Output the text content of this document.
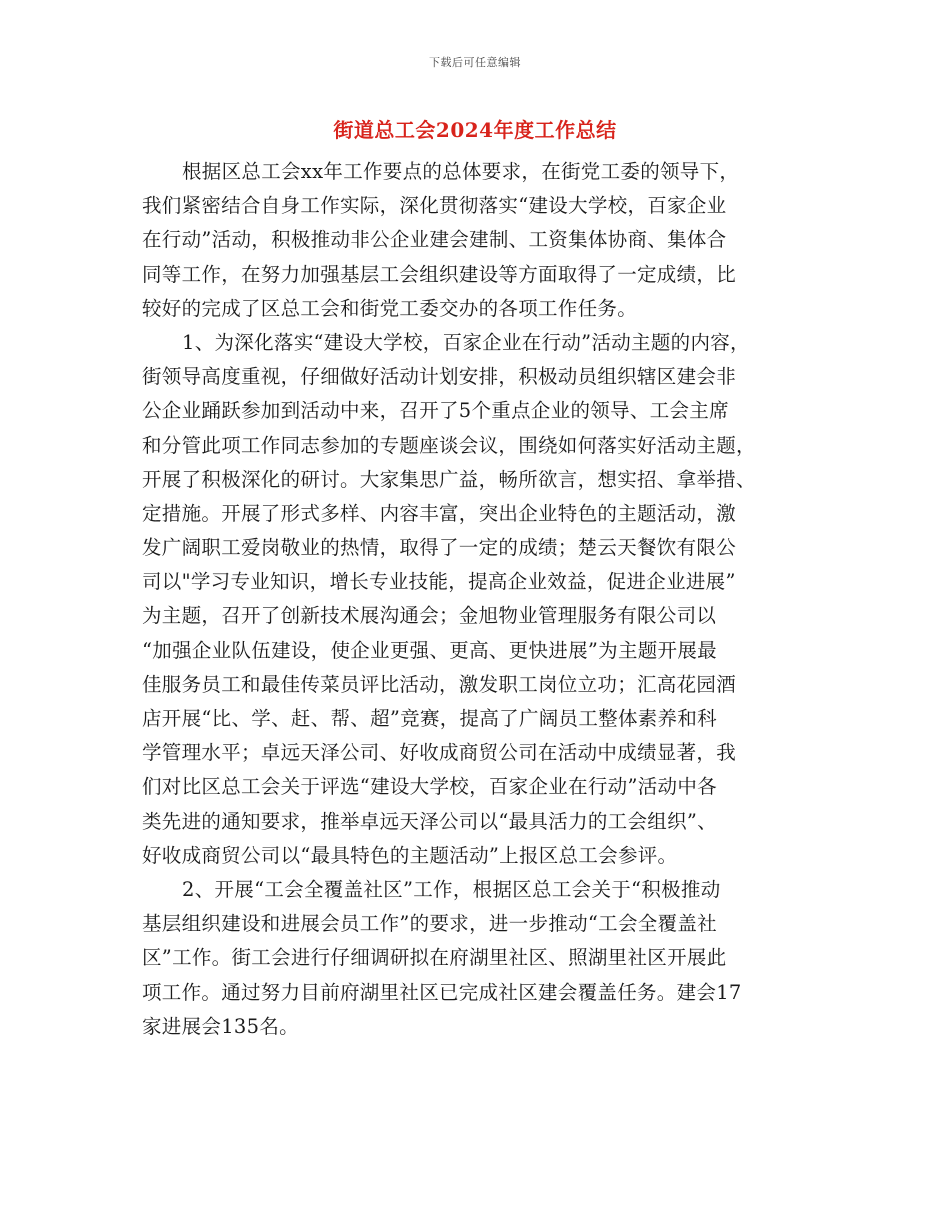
下载后可任意编辑
街道总工会2024年度工作总结
根据区总工会xx年工作要点的总体要求，在街党工委的领导下，
我们紧密结合自身工作实际，深化贯彻落实“建设大学校，百家企业
在行动”活动，积极推动非公企业建会建制、工资集体协商、集体合
同等工作，在努力加强基层工会组织建设等方面取得了一定成绩，比
较好的完成了区总工会和街党工委交办的各项工作任务。
1、为深化落实“建设大学校，百家企业在行动”活动主题的内容，
街领导高度重视，仔细做好活动计划安排，积极动员组织辖区建会非
公企业踊跃参加到活动中来，召开了5个重点企业的领导、工会主席
和分管此项工作同志参加的专题座谈会议，围绕如何落实好活动主题，
开展了积极深化的研讨。大家集思广益，畅所欲言，想实招、拿举措、
定措施。开展了形式多样、内容丰富，突出企业特色的主题活动，激
发广阔职工爱岗敬业的热情，取得了一定的成绩；楚云天餐饮有限公
司以"学习专业知识，增长专业技能，提高企业效益，促进企业进展”
为主题，召开了创新技术展沟通会；金旭物业管理服务有限公司以
“加强企业队伍建设，使企业更强、更高、更快进展”为主题开展最
佳服务员工和最佳传菜员评比活动，激发职工岗位立功；汇高花园酒
店开展“比、学、赶、帮、超”竞赛，提高了广阔员工整体素养和科
学管理水平；卓远天泽公司、好收成商贸公司在活动中成绩显著，我
们对比区总工会关于评选“建设大学校，百家企业在行动”活动中各
类先进的通知要求，推举卓远天泽公司以“最具活力的工会组织”、
好收成商贸公司以“最具特色的主题活动”上报区总工会参评。
2、开展“工会全覆盖社区”工作，根据区总工会关于“积极推动
基层组织建设和进展会员工作”的要求，进一步推动“工会全覆盖社
区”工作。街工会进行仔细调研拟在府湖里社区、照湖里社区开展此
项工作。通过努力目前府湖里社区已完成社区建会覆盖任务。建会17
家进展会135名。
